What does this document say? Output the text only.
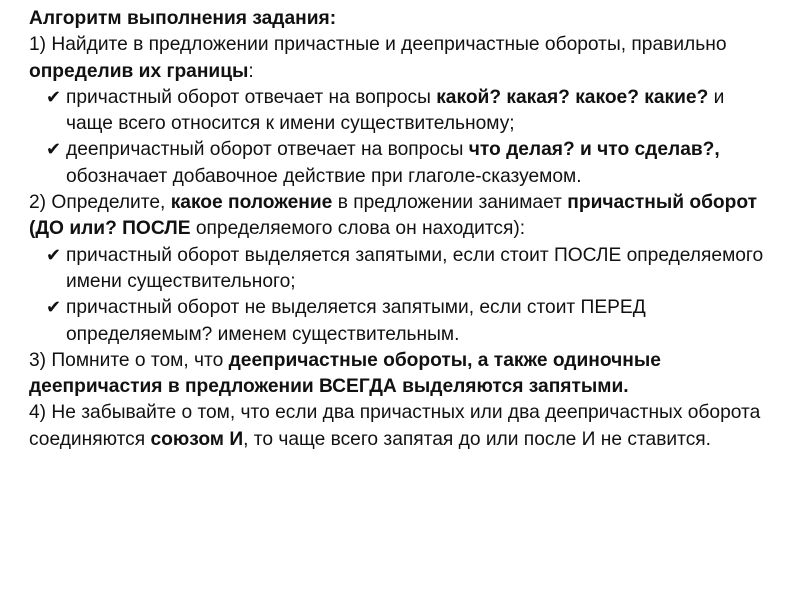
Алгоритм выполнения задания:

1) Найдите в предложении причастные и деепричастные обороты, правильно определив их границы:

✔ причастный оборот отвечает на вопросы какой? какая? какое? какие? и чаще всего относится к имени существительному;

✔ деепричастный оборот отвечает на вопросы что делая? и что сделав?, обозначает добавочное действие при глаголе-сказуемом.

2) Определите, какое положение в предложении занимает причастный оборот (ДО или? ПОСЛЕ определяемого слова он находится):

✔ причастный оборот выделяется запятыми, если стоит ПОСЛЕ определяемого имени существительного;

✔ причастный оборот не выделяется запятыми, если стоит ПЕРЕД определяемым? именем существительным.

3) Помните о том, что деепричастные обороты, а также одиночные деепричастия в предложении ВСЕГДА выделяются запятыми.

4) Не забывайте о том, что если два причастных или два деепричастных оборота соединяются союзом И, то чаще всего запятая до или после И не ставится.
